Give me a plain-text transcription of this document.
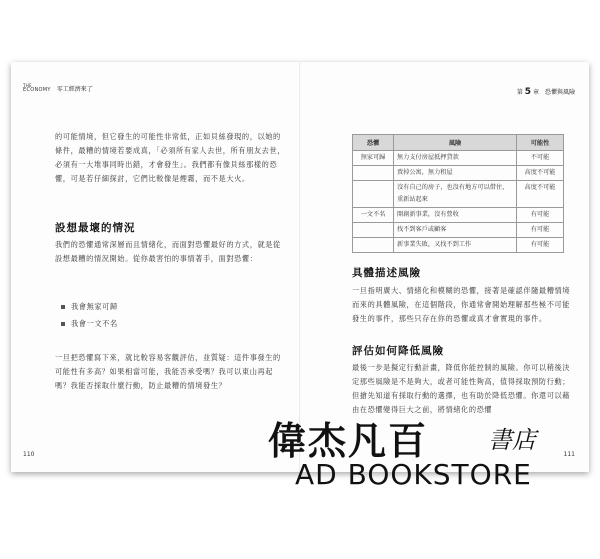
THE
ECONOMY 零工經濟來了

的可能情境，但它發生的可能性非常低，正如貝絲發現的，以她的條件，最糟的情境若要成真，「必須所有家人去世，所有朋友去世，必須有一大堆事同時出錯，才會發生」。我們都有像貝絲那樣的恐懼，可是若仔細探討，它們比較像是煙霧，而不是大火。

設想最壞的情況

我們的恐懼通常深層而且情緒化，而面對恐懼最好的方式，就是從設想最糟的情況開始。從你最害怕的事情著手，面對恐懼：

我會無家可歸
我會一文不名

一旦把恐懼寫下來，就比較容易客觀評估，並質疑：這件事發生的可能性有多高？如果相當可能，我能否承受嗎？我可以東山再起嗎？我能否採取什麼行動，防止最糟的情境發生？

110
第 5 章 恐懼與風險
恐懼	風險	可能性
無家可歸	無力支付房屋抵押貸款	不可能
	賣掉公寓，無力租屋	高度不可能
	沒有自己的房子，也沒有地方可以借住，重新站起來	高度不可能
一文不名	開創新事業，沒有營收	有可能
	找不到客戶或顧客	有可能
	新事業失敗，又找不到工作	有可能
具體描述風險

一旦指明廣大、情緒化和模糊的恐懼，接著是確認伴隨最糟情境而來的具體風險，在這個階段，你通常會開始理解那些極不可能發生的事件，那些只存在你的恐懼或真才會實現的事件。

評估如何降低風險

最後一步是擬定行動計畫，降低你能控制的風險。你可以稍後決定那些風險是不是夠大，或者可能性夠高，值得採取預防行動；但搶先知道有採取行動的選擇，也有助於降低恐懼。你還可以藉由在恐懼變得巨大之前，將情緒化的恐懼

111
偉杰凡百 書店
AD BOOKSTORE
